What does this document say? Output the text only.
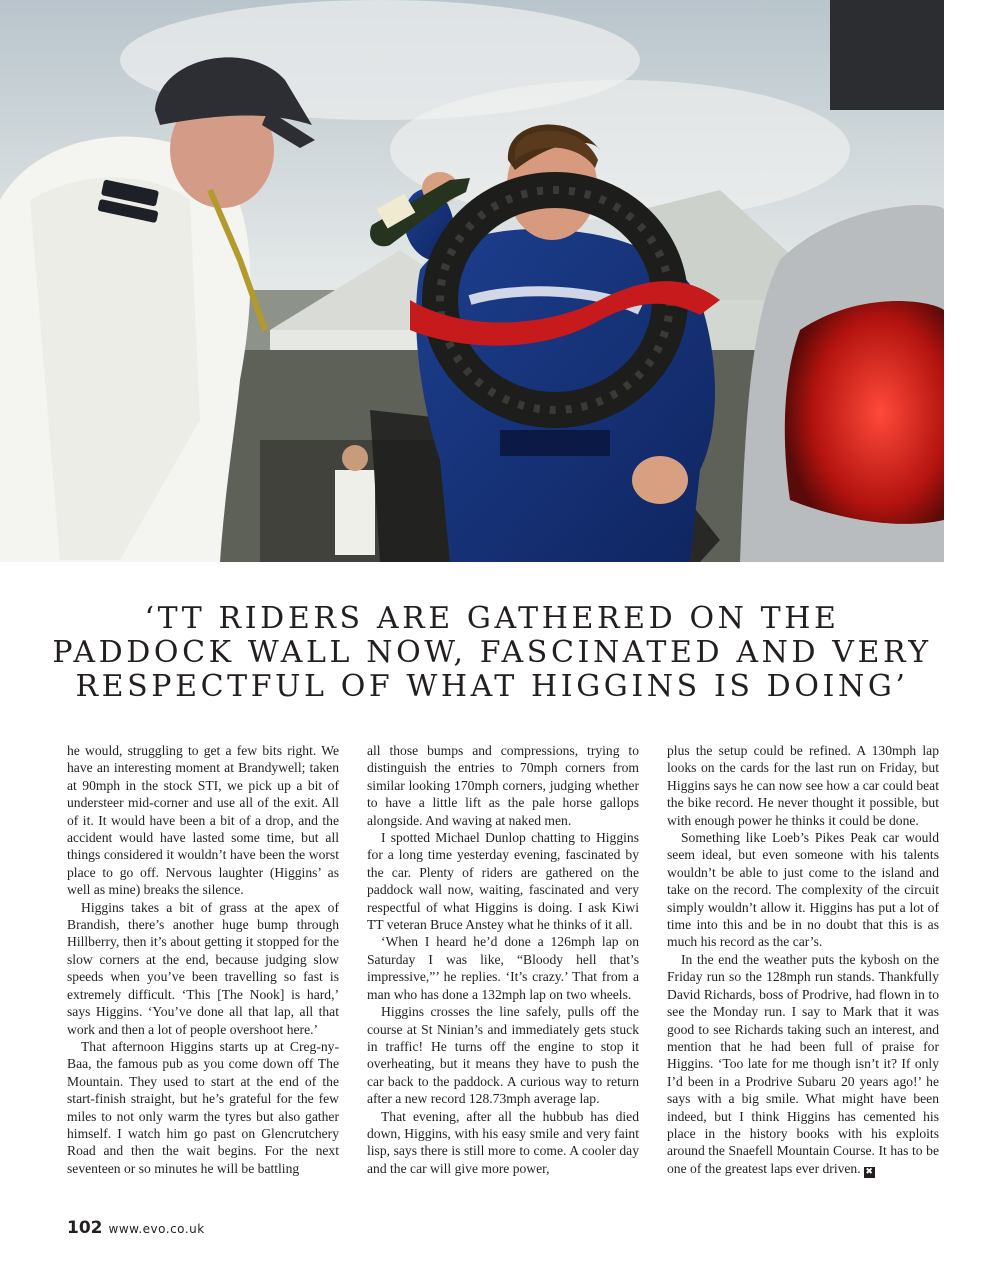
‘TT RIDERS ARE GATHERED ON THE
PADDOCK WALL NOW, FASCINATED AND VERY
RESPECTFUL OF WHAT HIGGINS IS DOING’

he would, struggling to get a few bits right. We have an interesting moment at Brandywell; taken at 90mph in the stock STI, we pick up a bit of understeer mid-corner and use all of the exit. All of it. It would have been a bit of a drop, and the accident would have lasted some time, but all things considered it wouldn’t have been the worst place to go off. Nervous laughter (Higgins’ as well as mine) breaks the silence.

Higgins takes a bit of grass at the apex of Brandish, there’s another huge bump through Hillberry, then it’s about getting it stopped for the slow corners at the end, because judging slow speeds when you’ve been travelling so fast is extremely difficult. ‘This [The Nook] is hard,’ says Higgins. ‘You’ve done all that lap, all that work and then a lot of people overshoot here.’

That afternoon Higgins starts up at Creg-ny-Baa, the famous pub as you come down off The Mountain. They used to start at the end of the start-finish straight, but he’s grateful for the few miles to not only warm the tyres but also gather himself. I watch him go past on Glencrutchery Road and then the wait begins. For the next seventeen or so minutes he will be battling

all those bumps and compressions, trying to distinguish the entries to 70mph corners from similar looking 170mph corners, judging whether to have a little lift as the pale horse gallops alongside. And waving at naked men.

I spotted Michael Dunlop chatting to Higgins for a long time yesterday evening, fascinated by the car. Plenty of riders are gathered on the paddock wall now, waiting, fascinated and very respectful of what Higgins is doing. I ask Kiwi TT veteran Bruce Anstey what he thinks of it all.

‘When I heard he’d done a 126mph lap on Saturday I was like, “Bloody hell that’s impressive,”’ he replies. ‘It’s crazy.’ That from a man who has done a 132mph lap on two wheels.

Higgins crosses the line safely, pulls off the course at St Ninian’s and immediately gets stuck in traffic! He turns off the engine to stop it overheating, but it means they have to push the car back to the paddock. A curious way to return after a new record 128.73mph average lap.

That evening, after all the hubbub has died down, Higgins, with his easy smile and very faint lisp, says there is still more to come. A cooler day and the car will give more power,

plus the setup could be refined. A 130mph lap looks on the cards for the last run on Friday, but Higgins says he can now see how a car could beat the bike record. He never thought it possible, but with enough power he thinks it could be done.

Something like Loeb’s Pikes Peak car would seem ideal, but even someone with his talents wouldn’t be able to just come to the island and take on the record. The complexity of the circuit simply wouldn’t allow it. Higgins has put a lot of time into this and be in no doubt that this is as much his record as the car’s.

In the end the weather puts the kybosh on the Friday run so the 128mph run stands. Thankfully David Richards, boss of Prodrive, had flown in to see the Monday run. I say to Mark that it was good to see Richards taking such an interest, and mention that he had been full of praise for Higgins. ‘Too late for me though isn’t it? If only I’d been in a Prodrive Subaru 20 years ago!’ he says with a big smile. What might have been indeed, but I think Higgins has cemented his place in the history books with his exploits around the Snaefell Mountain Course. It has to be one of the greatest laps ever driven. ✖

102 www.evo.co.uk
